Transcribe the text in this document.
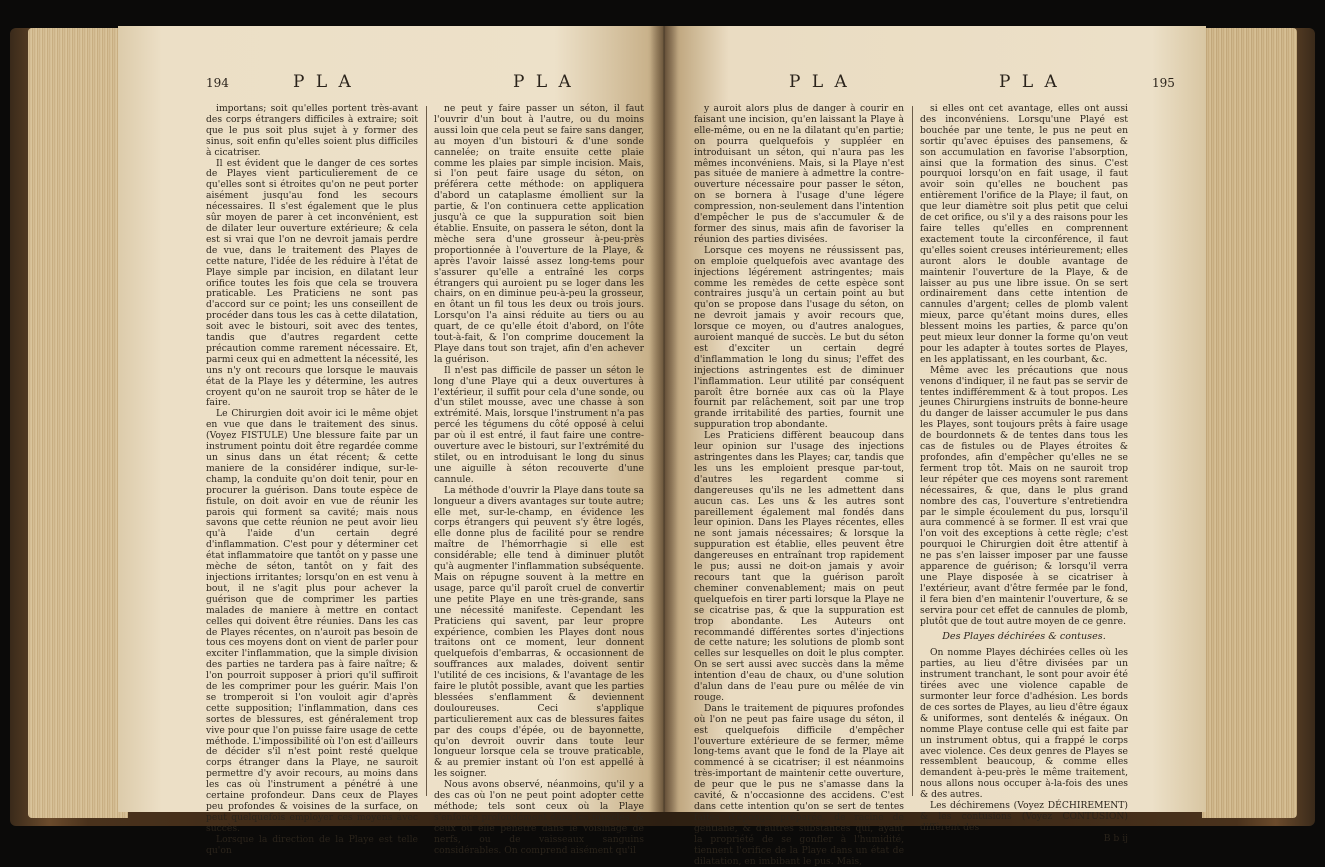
194	P L A	P L A

importans; soit qu'elles portent très-avant des corps étrangers difficiles à extraire; soit que le pus soit plus sujet à y former des sinus, soit enfin qu'elles soient plus difficiles à cicatriser.

Il est évident que le danger de ces sortes de Playes vient particulierement de ce qu'elles sont si étroites qu'on ne peut porter aisément jusqu'au fond les secours nécessaires. Il s'est également que le plus sûr moyen de parer à cet inconvénient, est de dilater leur ouverture extérieure; & cela est si vrai que l'on ne devroit jamais perdre de vue, dans le traitement des Playes de cette nature, l'idée de les réduire à l'état de Playe simple par incision, en dilatant leur orifice toutes les fois que cela se trouvera praticable. Les Praticiens ne sont pas d'accord sur ce point; les uns conseillent de procéder dans tous les cas à cette dilatation, soit avec le bistouri, soit avec des tentes, tandis que d'autres regardent cette précaution comme rarement nécessaire. Et, parmi ceux qui en admettent la nécessité, les uns n'y ont recours que lorsque le mauvais état de la Playe les y détermine, les autres croyent qu'on ne sauroit trop se hâter de le faire.

Le Chirurgien doit avoir ici le même objet en vue que dans le traitement des sinus. (Voyez FISTULE) Une blessure faite par un instrument pointu doit être regardée comme un sinus dans un état récent; & cette maniere de la considérer indique, sur-le-champ, la conduite qu'on doit tenir, pour en procurer la guérison. Dans toute espèce de fistule, on doit avoir en vue de réunir les parois qui forment sa cavité; mais nous savons que cette réunion ne peut avoir lieu qu'à l'aide d'un certain degré d'inflammation. C'est pour y déterminer cet état inflammatoire que tantôt on y passe une mèche de séton, tantôt on y fait des injections irritantes; lorsqu'on en est venu à bout, il ne s'agit plus pour achever la guérison que de comprimer les parties malades de maniere à mettre en contact celles qui doivent être réunies. Dans les cas de Playes récentes, on n'auroit pas besoin de tous ces moyens dont on vient de parler pour exciter l'inflammation, que la simple division des parties ne tardera pas à faire naître; & l'on pourroit supposer à priori qu'il suffiroit de les comprimer pour les guérir. Mais l'on se tromperoit si l'on vouloit agir d'après cette supposition; l'inflammation, dans ces sortes de blessures, est généralement trop vive pour que l'on puisse faire usage de cette méthode. L'impossibilité où l'on est d'ailleurs de décider s'il n'est point resté quelque corps étranger dans la Playe, ne sauroit permettre d'y avoir recours, au moins dans les cas où l'instrument a pénétré à une certaine profondeur. Dans ceux de Playes peu profondes & voisines de la surface, on peut quelquefois employer ces moyens avec succès.

Lorsque la direction de la Playe est telle qu'on

ne peut y faire passer un séton, il faut l'ouvrir d'un bout à l'autre, ou du moins aussi loin que cela peut se faire sans danger, au moyen d'un bistouri & d'une sonde cannelée; on traite ensuite cette plaie comme les plaies par simple incision. Mais, si l'on peut faire usage du séton, on préférera cette méthode: on appliquera d'abord un cataplasme émollient sur la partie, & l'on continuera cette application jusqu'à ce que la suppuration soit bien établie. Ensuite, on passera le séton, dont la mèche sera d'une grosseur à-peu-près proportionnée à l'ouverture de la Playe, & après l'avoir laissé assez long-tems pour s'assurer qu'elle a entraîné les corps étrangers qui auroient pu se loger dans les chairs, on en diminue peu-à-peu la grosseur, en ôtant un fil tous les deux ou trois jours. Lorsqu'on l'a ainsi réduite au tiers ou au quart, de ce qu'elle étoit d'abord, on l'ôte tout-à-fait, & l'on comprime doucement la Playe dans tout son trajet, afin d'en achever la guérison.

Il n'est pas difficile de passer un séton le long d'une Playe qui a deux ouvertures à l'extérieur, il suffit pour cela d'une sonde, ou d'un stilet mousse, avec une chasse à son extrémité. Mais, lorsque l'instrument n'a pas percé les tégumens du côté opposé à celui par où il est entré, il faut faire une contre-ouverture avec le bistouri, sur l'extrémité du stilet, ou en introduisant le long du sinus une aiguille à séton recouverte d'une cannule.

La méthode d'ouvrir la Playe dans toute sa longueur a divers avantages sur toute autre; elle met, sur-le-champ, en évidence les corps étrangers qui peuvent s'y être logés, elle donne plus de facilité pour se rendre maître de l'hémorrhagie si elle est considérable; elle tend à diminuer plutôt qu'à augmenter l'inflammation subséquente. Mais on répugne souvent à la mettre en usage, parce qu'il paroît cruel de convertir une petite Playe en une très-grande, sans une nécessité manifeste. Cependant les Praticiens qui savent, par leur propre expérience, combien les Playes dont nous traitons ont ce moment, leur donnent quelquefois d'embarras, & occasionnent de souffrances aux malades, doivent sentir l'utilité de ces incisions, & l'avantage de les faire le plutôt possible, avant que les parties blessées s'enflamment & deviennent douloureuses. Ceci s'applique particulierement aux cas de blessures faites par des coups d'épée, ou de bayonnette, qu'on devroit ouvrir dans toute leur longueur lorsque cela se trouve praticable, & au premier instant où l'on est appellé à les soigner.

Nous avons observé, néanmoins, qu'il y a des cas où l'on ne peut point adopter cette méthode; tels sont ceux où la Playe s'enfonce profondément dans les muscles, & ceux où elle pénètre dans le voisinage de nerfs, ou de vaisseaux sanguins considérables. On comprend aisément qu'il

P L A	P L A	195

y auroit alors plus de danger à courir en faisant une incision, qu'en laissant la Playe à elle-même, ou en ne la dilatant qu'en partie; on pourra quelquefois y suppléer en introduisant un séton, qui n'aura pas les mêmes inconvéniens. Mais, si la Playe n'est pas située de maniere à admettre la contre-ouverture nécessaire pour passer le séton, on se bornera à l'usage d'une légere compression, non-seulement dans l'intention d'empêcher le pus de s'accumuler & de former des sinus, mais afin de favoriser la réunion des parties divisées.

Lorsque ces moyens ne réussissent pas, on emploie quelquefois avec avantage des injections légérement astringentes; mais comme les remèdes de cette espèce sont contraires jusqu'à un certain point au but qu'on se propose dans l'usage du séton, on ne devroit jamais y avoir recours que, lorsque ce moyen, ou d'autres analogues, auroient manqué de succès. Le but du séton est d'exciter un certain degré d'inflammation le long du sinus; l'effet des injections astringentes est de diminuer l'inflammation. Leur utilité par conséquent paroît être bornée aux cas où la Playe fournit par relâchement, soit par une trop grande irritabilité des parties, fournit une suppuration trop abondante.

Les Praticiens diffèrent beaucoup dans leur opinion sur l'usage des injections astringentes dans les Playes; car, tandis que les uns les emploient presque par-tout, d'autres les regardent comme si dangereuses qu'ils ne les admettent dans aucun cas. Les uns & les autres sont pareillement également mal fondés dans leur opinion. Dans les Playes récentes, elles ne sont jamais nécessaires; & lorsque la suppuration est établie, elles peuvent être dangereuses en entraînant trop rapidement le pus; aussi ne doit-on jamais y avoir recours tant que la guérison paroît cheminer convenablement; mais on peut quelquefois en tirer parti lorsque la Playe ne se cicatrise pas, & que la suppuration est trop abondante. Les Auteurs ont recommandé différentes sortes d'injections de cette nature; les solutions de plomb sont celles sur lesquelles on doit le plus compter. On se sert aussi avec succès dans la même intention d'eau de chaux, ou d'une solution d'alun dans de l'eau pure ou mêlée de vin rouge.

Dans le traitement de piquures profondes où l'on ne peut pas faire usage du séton, il est quelquefois difficile d'empêcher l'ouverture extérieure de se fermer, même long-tems avant que le fond de la Playe ait commencé à se cicatriser; il est néanmoins très-important de maintenir cette ouverture, de peur que le pus ne s'amasse dans la cavité, & n'occasionne des accidens. C'est dans cette intention qu'on se sert de tentes faites d'éponge préparée, de racine de gentiane, & d'autres substances qui, ayant la propriété de se gonfler à l'humidité, tiennent l'orifice de la Playe dans un état de dilatation, en imbibant le pus. Mais,

si elles ont cet avantage, elles ont aussi des inconvéniens. Lorsqu'une Playé est bouchée par une tente, le pus ne peut en sortir qu'avec épuises des pansemens, & son accumulation en favorise l'absorption, ainsi que la formation des sinus. C'est pourquoi lorsqu'on en fait usage, il faut avoir soin qu'elles ne bouchent pas entièrement l'orifice de la Playe; il faut, on que leur diamètre soit plus petit que celui de cet orifice, ou s'il y a des raisons pour les faire telles qu'elles en comprennent exactement toute la circonférence, il faut qu'elles soient creuses intérieurement; elles auront alors le double avantage de maintenir l'ouverture de la Playe, & de laisser au pus une libre issue. On se sert ordinairement dans cette intention de cannules d'argent; celles de plomb valent mieux, parce qu'étant moins dures, elles blessent moins les parties, & parce qu'on peut mieux leur donner la forme qu'on veut pour les adapter à toutes sortes de Playes, en les applatissant, en les courbant, &c.

Même avec les précautions que nous venons d'indiquer, il ne faut pas se servir de tentes indifféremment & à tout propos. Les jeunes Chirurgiens instruits de bonne-heure du danger de laisser accumuler le pus dans les Playes, sont toujours prêts à faire usage de bourdonnets & de tentes dans tous les cas de fistules ou de Playes étroites & profondes, afin d'empêcher qu'elles ne se ferment trop tôt. Mais on ne sauroit trop leur répéter que ces moyens sont rarement nécessaires, & que, dans le plus grand nombre des cas, l'ouverture s'entretiendra par le simple écoulement du pus, lorsqu'il aura commencé à se former. Il est vrai que l'on voit des exceptions à cette règle; c'est pourquoi le Chirurgien doit être attentif à ne pas s'en laisser imposer par une fausse apparence de guérison; & lorsqu'il verra une Playe disposée à se cicatriser à l'extérieur, avant d'être fermée par le fond, il fera bien d'en maintenir l'ouverture, & se servira pour cet effet de cannules de plomb, plutôt que de tout autre moyen de ce genre.

Des Playes déchirées & contuses.

On nomme Playes déchirées celles où les parties, au lieu d'être divisées par un instrument tranchant, le sont pour avoir été tirées avec une violence capable de surmonter leur force d'adhésion. Les bords de ces sortes de Playes, au lieu d'être égaux & uniformes, sont dentelés & inégaux. On nomme Playe contuse celle qui est faite par un instrument obtus, qui a frappé le corps avec violence. Ces deux genres de Playes se ressemblent beaucoup, & comme elles demandent à-peu-près le même traitement, nous allons nous occuper à-la-fois des unes & des autres.

Les déchiremens (Voyez DÉCHIREMENT) & les contusions (Voyez CONTUSION) diffèrent des

B b ij
